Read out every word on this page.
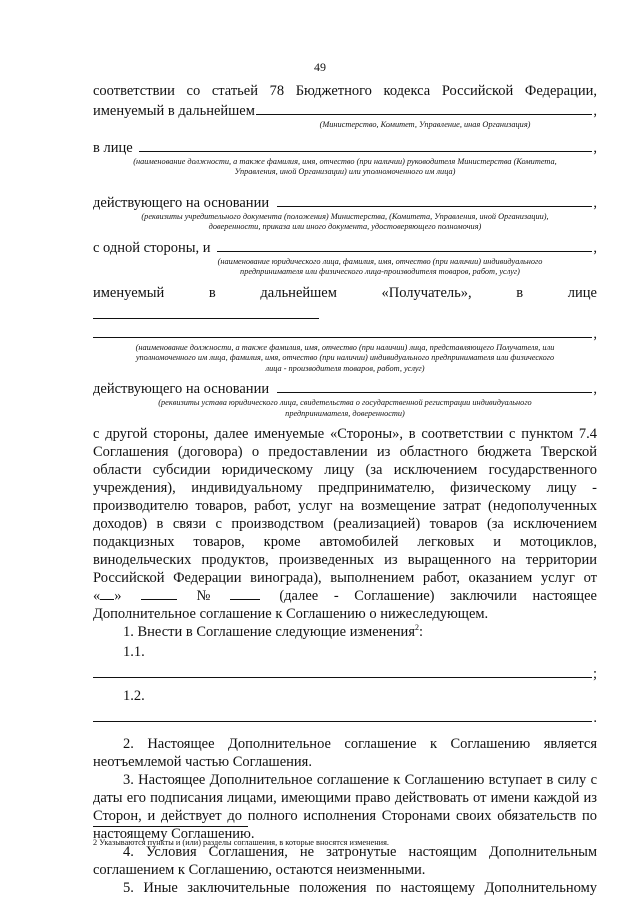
49
соответствии со статьей 78 Бюджетного кодекса Российской Федерации,
именуемый в дальнейшем	,
(Министерство, Комитет, Управление, иная Организация)
в лице	,
(наименование должности, а также фамилия, имя, отчество (при наличии) руководителя Министерства (Комитета,
Управления, иной Организации) или уполномоченного им лица)
действующего на основании	,
(реквизиты учредительного документа (положения) Министерства, (Комитета, Управления, иной Организации),
доверенности, приказа или иного документа, удостоверяющего полномочия)
с одной стороны, и	,
(наименование юридического лица, фамилия, имя, отчество (при наличии) индивидуального
предпринимателя или физического лица-производителя товаров, работ, услуг)
именуемый	в	дальнейшем	«Получатель»,	в	лице
,
(наименование должности, а также фамилия, имя, отчество (при наличии) лица, представляющего Получателя, или
уполномоченного им лица, фамилия, имя, отчество (при наличии) индивидуального предпринимателя или физического
лица - производителя товаров, работ, услуг)
действующего на основании	,
(реквизиты устава юридического лица, свидетельства о государственной регистрации индивидуального
предпринимателя, доверенности)
с другой стороны, далее именуемые «Стороны», в соответствии с пунктом 7.4 Соглашения (договора) о предоставлении из областного бюджета Тверской области субсидии юридическому лицу (за исключением государственного учреждения), индивидуальному предпринимателю, физическому лицу - производителю товаров, работ, услуг на возмещение затрат (недополученных доходов) в связи с производством (реализацией) товаров (за исключением подакцизных товаров, кроме автомобилей легковых и мотоциклов, винодельческих продуктов, произведенных из выращенного на территории Российской Федерации винограда), выполнением работ, оказанием услуг от
« »	№	(далее - Соглашение) заключили настоящее
Дополнительное соглашение к Соглашению о нижеследующем.
1. Внести в Соглашение следующие изменения$^2$:
1.1.
;
1.2.
.
2. Настоящее Дополнительное соглашение к Соглашению является неотъемлемой частью Соглашения.
3. Настоящее Дополнительное соглашение к Соглашению вступает в силу с даты его подписания лицами, имеющими право действовать от имени каждой из Сторон, и действует до полного исполнения Сторонами своих обязательств по настоящему Соглашению.
4. Условия Соглашения, не затронутые настоящим Дополнительным соглашением к Соглашению, остаются неизменными.
5. Иные заключительные положения по настоящему Дополнительному
2 Указываются пункты и (или) разделы соглашения, в которые вносятся изменения.
